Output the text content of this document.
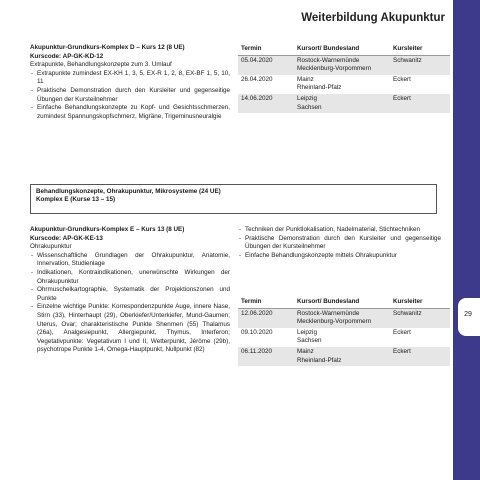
29
Weiterbildung Akupunktur

Akupunktur-Grundkurs-Komplex D – Kurs 12 (8 UE)

Kurscode: AP-GK-KD-12

Extrapunkte, Behandlungskonzepte zum 3. Umlauf

- Extrapunkte zumindest EX-KH 1, 3, 5, EX-R 1, 2, 8, EX-BF 1, 5, 10, 11
- Praktische Demonstration durch den Kursleiter und gegenseitige Übungen der Kursteilnehmer
- Einfache Behandlungskonzepte zu Kopf- und Gesichtsschmerzen, zumindest Spannungskopfschmerz, Migräne, Trigeminusneuralgie
Termin	Kursort/ Bundesland	Kursleiter
05.04.2020	Rostock-Warnemünde
Mecklenburg-Vorpommern	Schwanitz
26.04.2020	Mainz
Rheinland-Pfalz	Eckert
14.06.2020	Leipzig
Sachsen	Eckert

Behandlungskonzepte, Ohrakupunktur, Mikrosysteme (24 UE)

Komplex E (Kurse 13 – 15)

Akupunktur-Grundkurs-Komplex E – Kurs 13 (8 UE)

Kurscode: AP-GK-KE-13

Ohrakupunktur

- Wissenschaftliche Grundlagen der Ohrakupunktur, Anatomie, Innervation, Studienlage
- Indikationen, Kontraindikationen, unerwünschte Wirkungen der Ohrakupunktur
- Ohrmuschelkartographie, Systematik der Projektionszonen und Punkte
- Einzelne wichtige Punkte: Korrespondenzpunkte Auge, innere Nase, Stirn (33), Hinterhaupt (29), Oberkiefer/Unterkiefer, Mund-Gaumen; Uterus, Ovar; charakteristische Punkte Shenmen (55) Thalamus (26a), Analgesiepunkt, Allergiepunkt, Thymus, Interferon; Vegetativpunkte: Vegetativum I und II, Wetterpunkt, Jérôme (29b), psychotrope Punkte 1-4, Omega-Hauptpunkt, Nullpunkt (82)
- Techniken der Punktlokalisation, Nadelmaterial, Stichtechniken
- Praktische Demonstration durch den Kursleiter und gegenseitige Übungen der Kursteilnehmer
- Einfache Behandlungskonzepte mittels Ohrakupunktur
Termin	Kursort/ Bundesland	Kursleiter
12.06.2020	Rostock-Warnemünde
Mecklenburg-Vorpommern	Schwanitz
09.10.2020	Leipzig
Sachsen	Eckert
06.11.2020	Mainz
Rheinland-Pfalz	Eckert
